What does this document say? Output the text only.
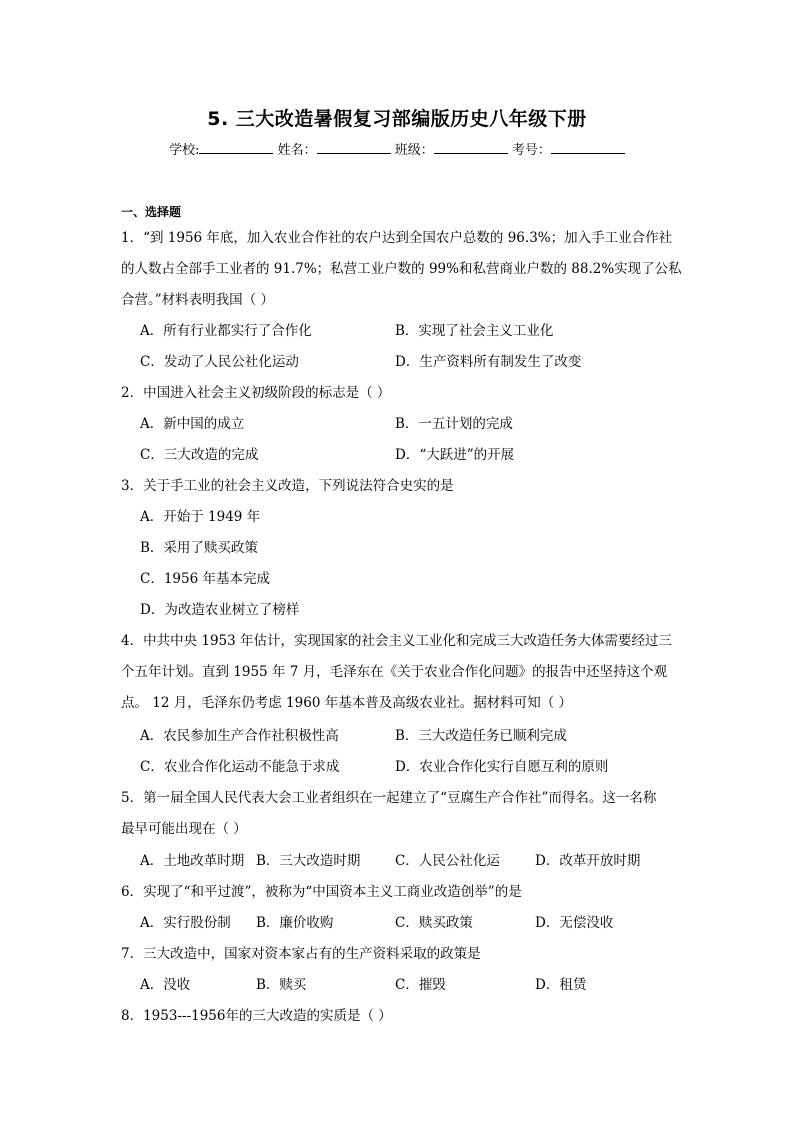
5. 三大改造暑假复习部编版历史八年级下册
学校:	姓名：	班级：	考号：
一、选择题
1．“到 1956 年底，加入农业合作社的农户达到全国农户总数的 96.3%；加入手工业合作社
的人数占全部手工业者的 91.7%；私营工业户数的 99%和私营商业户数的 88.2%实现了公私
合营。”材料表明我国（ ）
A．所有行业都实行了合作化	B．实现了社会主义工业化
C．发动了人民公社化运动	D．生产资料所有制发生了改变
2．中国进入社会主义初级阶段的标志是（ ）
A．新中国的成立	B．一五计划的完成
C．三大改造的完成	D．“大跃进”的开展
3．关于手工业的社会主义改造，下列说法符合史实的是
A．开始于 1949 年
B．采用了赎买政策
C．1956 年基本完成
D．为改造农业树立了榜样
4．中共中央 1953 年估计，实现国家的社会主义工业化和完成三大改造任务大体需要经过三
个五年计划。直到 1955 年 7 月，毛泽东在《关于农业合作化问题》的报告中还坚持这个观
点。 12 月，毛泽东仍考虑 1960 年基本普及高级农业社。据材料可知（ ）
A．农民参加生产合作社积极性高	B．三大改造任务已顺利完成
C．农业合作化运动不能急于求成	D．农业合作化实行自愿互利的原则
5．第一届全国人民代表大会工业者组织在一起建立了“豆腐生产合作社”而得名。这一名称
最早可能出现在（ ）
A．土地改革时期 B．三大改造时期	C．人民公社化运	D．改革开放时期
6．实现了“和平过渡”，被称为“中国资本主义工商业改造创举”的是
A．实行股份制 B．廉价收购	C．赎买政策	D．无偿没收
7．三大改造中，国家对资本家占有的生产资料采取的政策是
A．没收	B．赎买	C．摧毁	D．租赁
8．1953---1956年的三大改造的实质是（ ）
